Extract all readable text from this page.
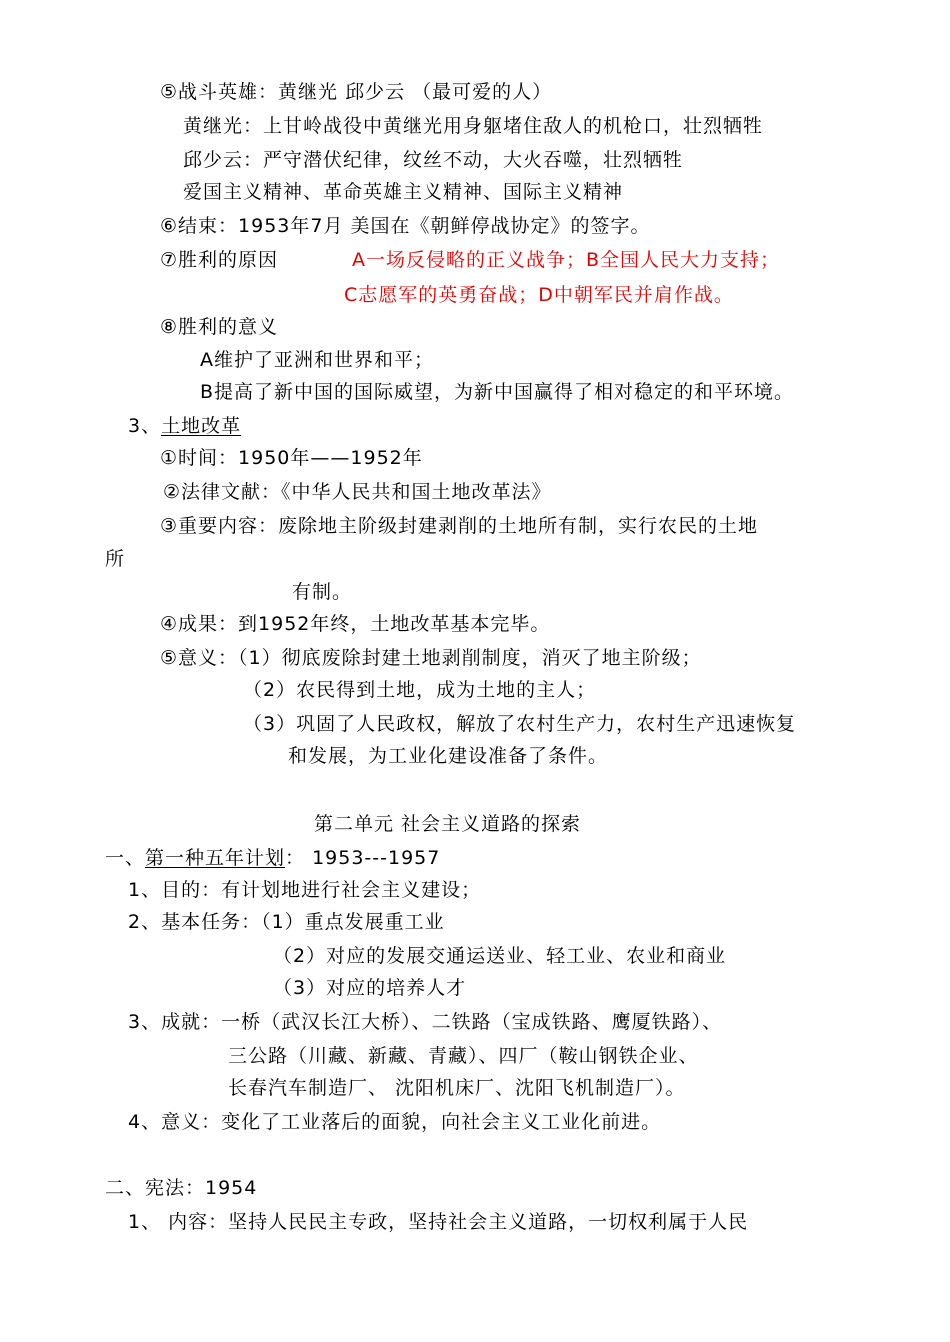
⑤战斗英雄：黄继光 邱少云 （最可爱的人）
黄继光：上甘岭战役中黄继光用身躯堵住敌人的机枪口，壮烈牺牲
邱少云：严守潜伏纪律，纹丝不动，大火吞噬，壮烈牺牲
爱国主义精神、革命英雄主义精神、国际主义精神
⑥结束：1953年7月 美国在《朝鲜停战协定》的签字。
⑦胜利的原因	A一场反侵略的正义战争；B全国人民大力支持；
C志愿军的英勇奋战；D中朝军民并肩作战。
⑧胜利的意义
A维护了亚洲和世界和平；
B提高了新中国的国际威望，为新中国赢得了相对稳定的和平环境。
3、土地改革
①时间：1950年——1952年
②法律文献：《中华人民共和国土地改革法》
③重要内容：废除地主阶级封建剥削的土地所有制，实行农民的土地
所
有制。
④成果：到1952年终，土地改革基本完毕。
⑤意义：（1）彻底废除封建土地剥削制度，消灭了地主阶级；
（2）农民得到土地，成为土地的主人；
（3）巩固了人民政权，解放了农村生产力，农村生产迅速恢复
和发展，为工业化建设准备了条件。
第二单元 社会主义道路的探索
一、第一种五年计划： 1953---1957
1、目的：有计划地进行社会主义建设；
2、基本任务：（1）重点发展重工业
（2）对应的发展交通运送业、轻工业、农业和商业
（3）对应的培养人才
3、成就：一桥（武汉长江大桥）、二铁路（宝成铁路、鹰厦铁路）、
三公路（川藏、新藏、青藏）、四厂（鞍山钢铁企业、
长春汽车制造厂、 沈阳机床厂、沈阳飞机制造厂）。
4、意义：变化了工业落后的面貌，向社会主义工业化前进。
二、宪法：1954
1、 内容：坚持人民民主专政，坚持社会主义道路，一切权利属于人民
